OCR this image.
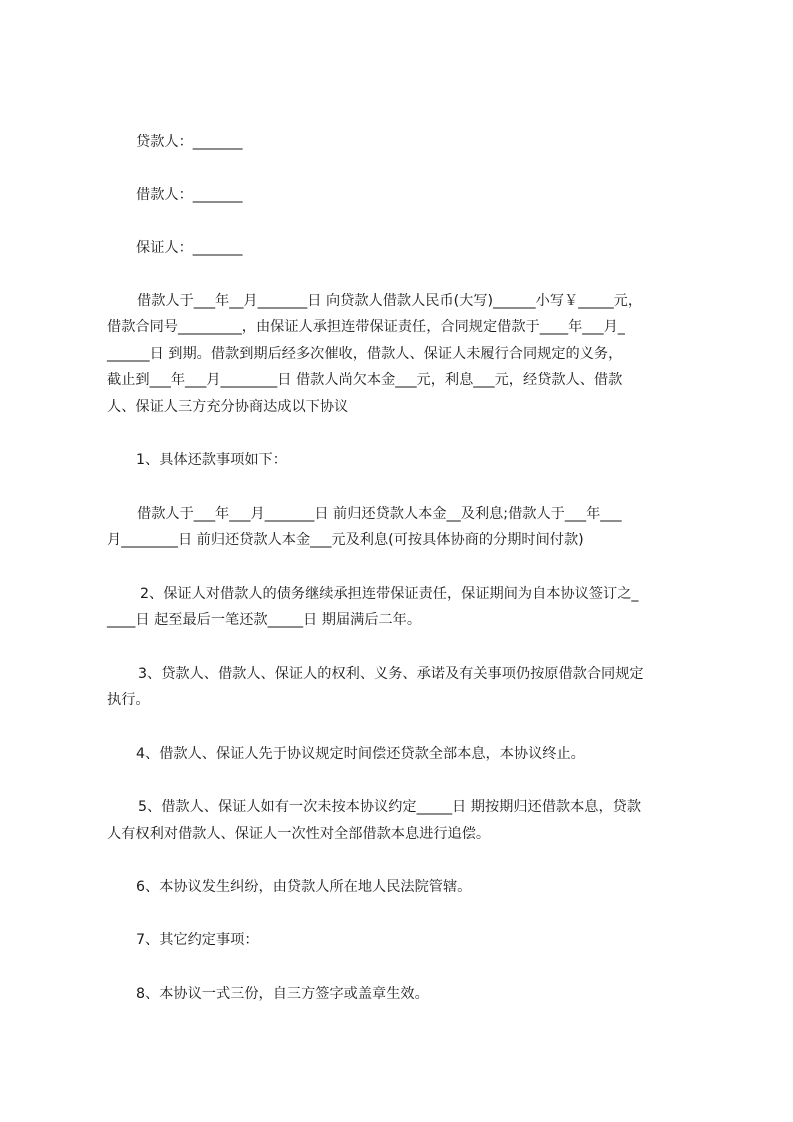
贷款人：_______
借款人：_______
保证人：_______
借款人于___年__月_______日 向贷款人借款人民币(大写)______小写￥_____元，
借款合同号_________，由保证人承担连带保证责任，合同规定借款于____年___月_
______日 到期。借款到期后经多次催收，借款人、保证人未履行合同规定的义务，
截止到___年___月________日 借款人尚欠本金___元，利息___元，经贷款人、借款
人、保证人三方充分协商达成以下协议
1、具体还款事项如下：
借款人于___年___月_______日 前归还贷款人本金__及利息;借款人于___年___
月________日 前归还贷款人本金___元及利息(可按具体协商的分期时间付款)
2、保证人对借款人的债务继续承担连带保证责任，保证期间为自本协议签订之_
____日 起至最后一笔还款_____日 期届满后二年。
3、贷款人、借款人、保证人的权利、义务、承诺及有关事项仍按原借款合同规定
执行。
4、借款人、保证人先于协议规定时间偿还贷款全部本息，本协议终止。
5、借款人、保证人如有一次未按本协议约定_____日 期按期归还借款本息，贷款
人有权利对借款人、保证人一次性对全部借款本息进行追偿。
6、本协议发生纠纷，由贷款人所在地人民法院管辖。
7、其它约定事项：
8、本协议一式三份，自三方签字或盖章生效。
